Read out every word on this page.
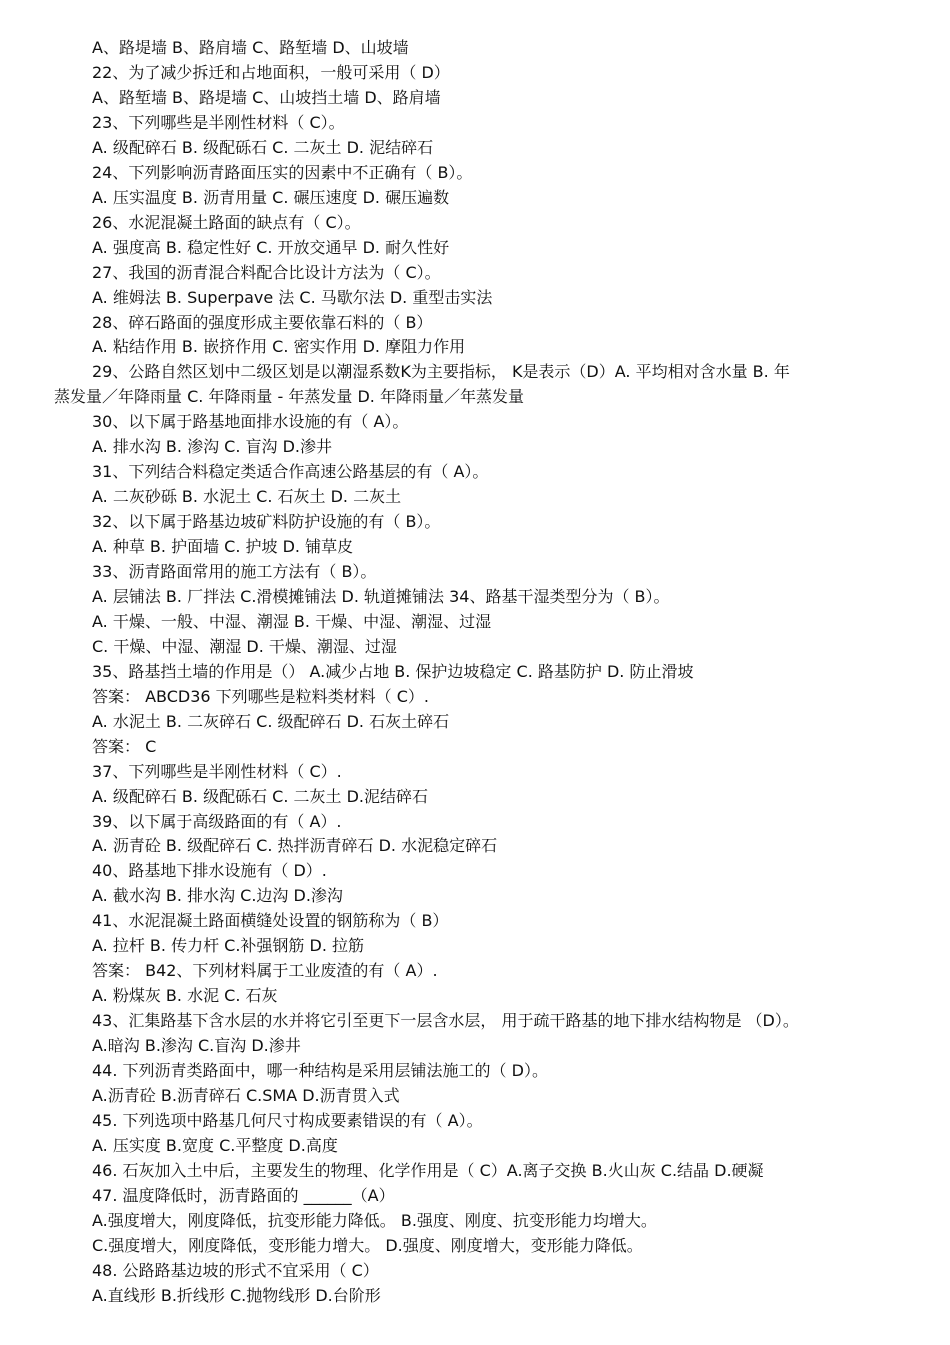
A、路堤墙 B、路肩墙 C、路堑墙 D、山坡墙
22、为了减少拆迁和占地面积，一般可采用（ D）
A、路堑墙 B、路堤墙 C、山坡挡土墙 D、路肩墙
23、下列哪些是半刚性材料（ C）。
A. 级配碎石 B. 级配砾石 C. 二灰土 D. 泥结碎石
24、下列影响沥青路面压实的因素中不正确有（ B）。
A. 压实温度 B. 沥青用量 C. 碾压速度 D. 碾压遍数
26、水泥混凝土路面的缺点有（ C）。
A. 强度高 B. 稳定性好 C. 开放交通早 D. 耐久性好
27、我国的沥青混合料配合比设计方法为（ C）。
A. 维姆法 B. Superpave 法 C. 马歇尔法 D. 重型击实法
28、碎石路面的强度形成主要依靠石料的（ B）
A. 粘结作用 B. 嵌挤作用 C. 密实作用 D. 摩阻力作用
29、公路自然区划中二级区划是以潮湿系数K为主要指标， K是表示（D）A. 平均相对含水量 B. 年
蒸发量／年降雨量 C. 年降雨量 - 年蒸发量 D. 年降雨量／年蒸发量
30、以下属于路基地面排水设施的有（ A）。
A. 排水沟 B. 渗沟 C. 盲沟 D.渗井
31、下列结合料稳定类适合作高速公路基层的有（ A）。
A. 二灰砂砾 B. 水泥土 C. 石灰土 D. 二灰土
32、以下属于路基边坡矿料防护设施的有（ B）。
A. 种草 B. 护面墙 C. 护坡 D. 铺草皮
33、沥青路面常用的施工方法有（ B）。
A. 层铺法 B. 厂拌法 C.滑模摊铺法 D. 轨道摊铺法 34、路基干湿类型分为（ B）。
A. 干燥、一般、中湿、潮湿 B. 干燥、中湿、潮湿、过湿
C. 干燥、中湿、潮湿 D. 干燥、潮湿、过湿
35、路基挡土墙的作用是（） A.减少占地 B. 保护边坡稳定 C. 路基防护 D. 防止滑坡
答案： ABCD36 下列哪些是粒料类材料（ C）.
A. 水泥土 B. 二灰碎石 C. 级配碎石 D. 石灰土碎石
答案： C
37、下列哪些是半刚性材料（ C）.
A. 级配碎石 B. 级配砾石 C. 二灰土 D.泥结碎石
39、以下属于高级路面的有（ A）.
A. 沥青砼 B. 级配碎石 C. 热拌沥青碎石 D. 水泥稳定碎石
40、路基地下排水设施有（ D）.
A. 截水沟 B. 排水沟 C.边沟 D.渗沟
41、水泥混凝土路面横缝处设置的钢筋称为（ B）
A. 拉杆 B. 传力杆 C.补强钢筋 D. 拉筋
答案： B42、下列材料属于工业废渣的有（ A）.
A. 粉煤灰 B. 水泥 C. 石灰
43、汇集路基下含水层的水并将它引至更下一层含水层， 用于疏干路基的地下排水结构物是 （D）。
A.暗沟 B.渗沟 C.盲沟 D.渗井
44. 下列沥青类路面中，哪一种结构是采用层铺法施工的（ D）。
A.沥青砼 B.沥青碎石 C.SMA D.沥青贯入式
45. 下列选项中路基几何尺寸构成要素错误的有（ A）。
A. 压实度 B.宽度 C.平整度 D.高度
46. 石灰加入土中后，主要发生的物理、化学作用是（ C）A.离子交换 B.火山灰 C.结晶 D.硬凝
47. 温度降低时，沥青路面的 ______（A）
A.强度增大，刚度降低，抗变形能力降低。 B.强度、刚度、抗变形能力均增大。
C.强度增大，刚度降低，变形能力增大。 D.强度、刚度增大，变形能力降低。
48. 公路路基边坡的形式不宜采用（ C）
A.直线形 B.折线形 C.抛物线形 D.台阶形
